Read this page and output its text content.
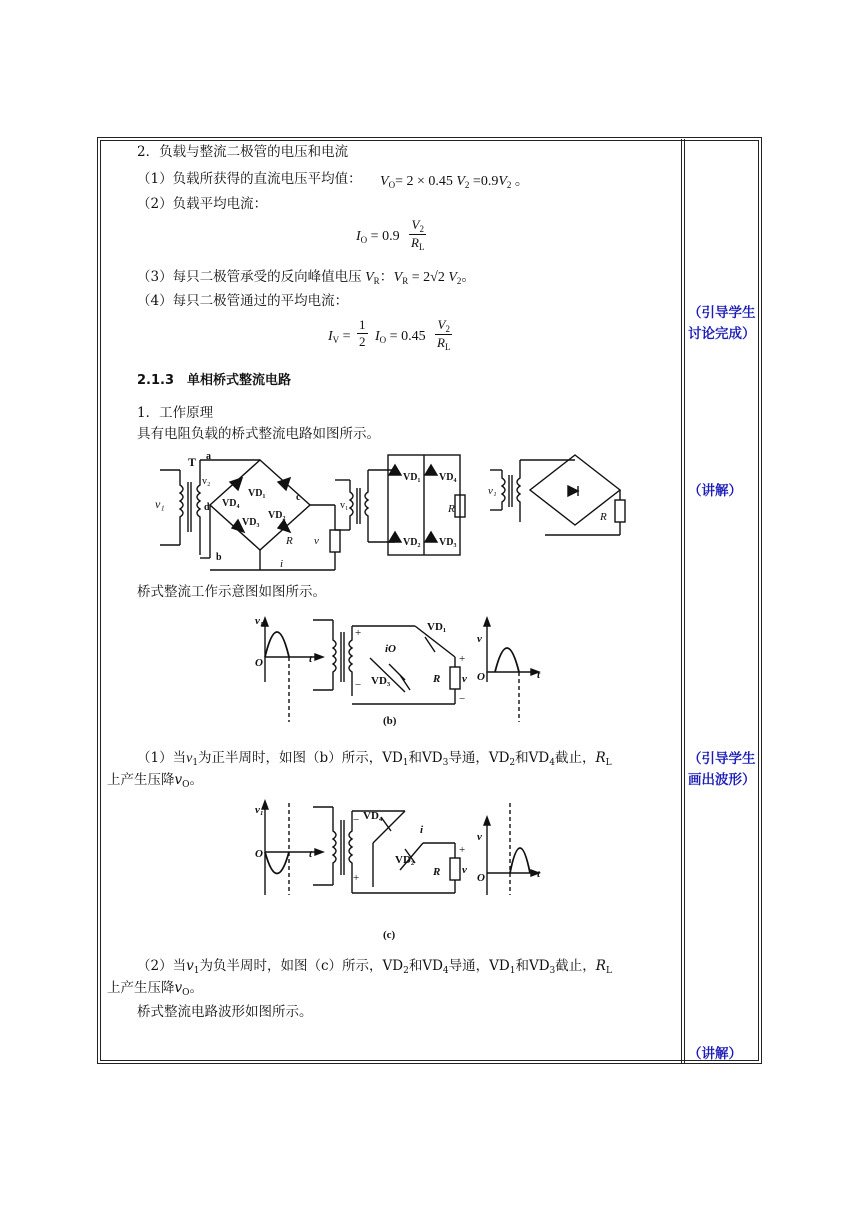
2．负载与整流二极管的电压和电流
（1）负载所获得的直流电压平均值： $V_O= 2 \times 0.45$ $V_2 =0.9V_2$ 。
（2）负载平均电流：
$I_O = 0.9 \frac{V_2}{R_L}$
（3）每只二极管承受的反向峰值电压 $V_R$：$V_R = 2√2$ $V_2$。
（4）每只二极管通过的平均电流：
$I_V = \frac{1}{2} I_O = 0.45 \frac{V_2}{R_L}$
2.1.3　单相桥式整流电路
1．工作原理
具有电阻负载的桥式整流电路如图所示。
v₁
T a
v₂
VD₁
VD₄
VD₃
VD₂
c
d
b
v
R
i
v₁
VD₁ VD₄
VD₂ VD₃
R
v₁
R
桥式整流工作示意图如图所示。
v₁
O	t
+
−
VD₁
iO
VD₃	R v
+
−
v
O	t
(b)
（1）当$v_1$为正半周时，如图（b）所示，$VD_1$和$VD_3$导通，$VD_2$和$VD_4$截止，$R_L$
上产生压降$v_O$。
v₁
O	t
−
+
VD₄
i
VD₂
R v
+
v
O	t
(c)
（2）当$v_1$为负半周时，如图（c）所示，$VD_2$和$VD_4$导通，$VD_1$和$VD_3$截止，$R_L$
上产生压降$v_O$。
桥式整流电路波形如图所示。
（引导学生讨论完成）
（讲解）
（引导学生画出波形）
（讲解）
